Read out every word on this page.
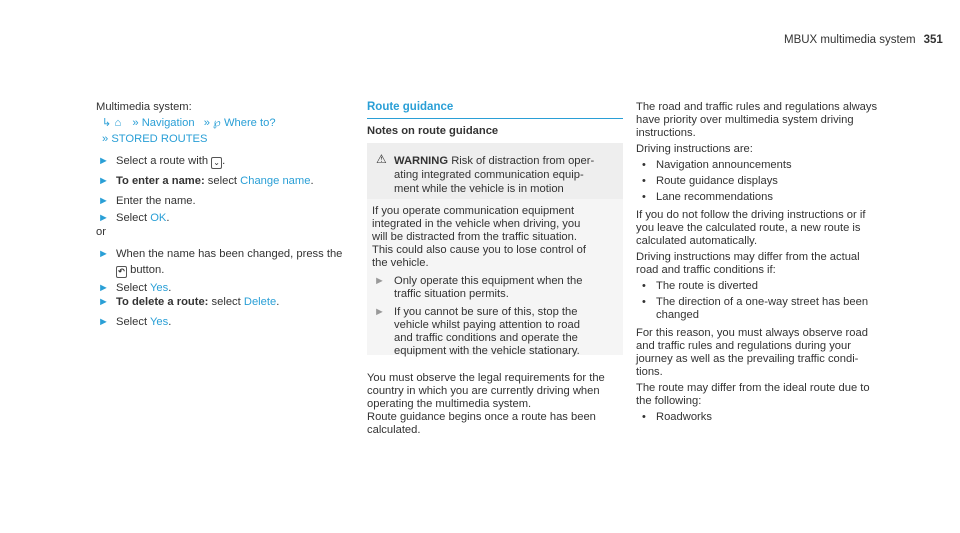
MBUX multimedia system 351
Multimedia system:
↳ ⌂ » Navigation » ℘ Where to?
» STORED ROUTES
► Select a route with ⌄ .
► To enter a name: select Change name.
► Enter the name.
► Select OK.
or
► When the name has been changed, press the
↶ button.
► Select Yes.
► To delete a route: select Delete.
► Select Yes.
Route guidance
Notes on route guidance
⚠ WARNING Risk of distraction from oper-
ating integrated communication equip-
ment while the vehicle is in motion
If you operate communication equipment
integrated in the vehicle when driving, you
will be distracted from the traffic situation.
This could also cause you to lose control of
the vehicle.
► Only operate this equipment when the
traffic situation permits.
► If you cannot be sure of this, stop the
vehicle whilst paying attention to road
and traffic conditions and operate the
equipment with the vehicle stationary.
You must observe the legal requirements for the
country in which you are currently driving when
operating the multimedia system.
Route guidance begins once a route has been
calculated.
The road and traffic rules and regulations always
have priority over multimedia system driving
instructions.
Driving instructions are:
• Navigation announcements
• Route guidance displays
• Lane recommendations
If you do not follow the driving instructions or if
you leave the calculated route, a new route is
calculated automatically.
Driving instructions may differ from the actual
road and traffic conditions if:
• The route is diverted
• The direction of a one-way street has been
changed
For this reason, you must always observe road
and traffic rules and regulations during your
journey as well as the prevailing traffic condi-
tions.
The route may differ from the ideal route due to
the following:
• Roadworks
